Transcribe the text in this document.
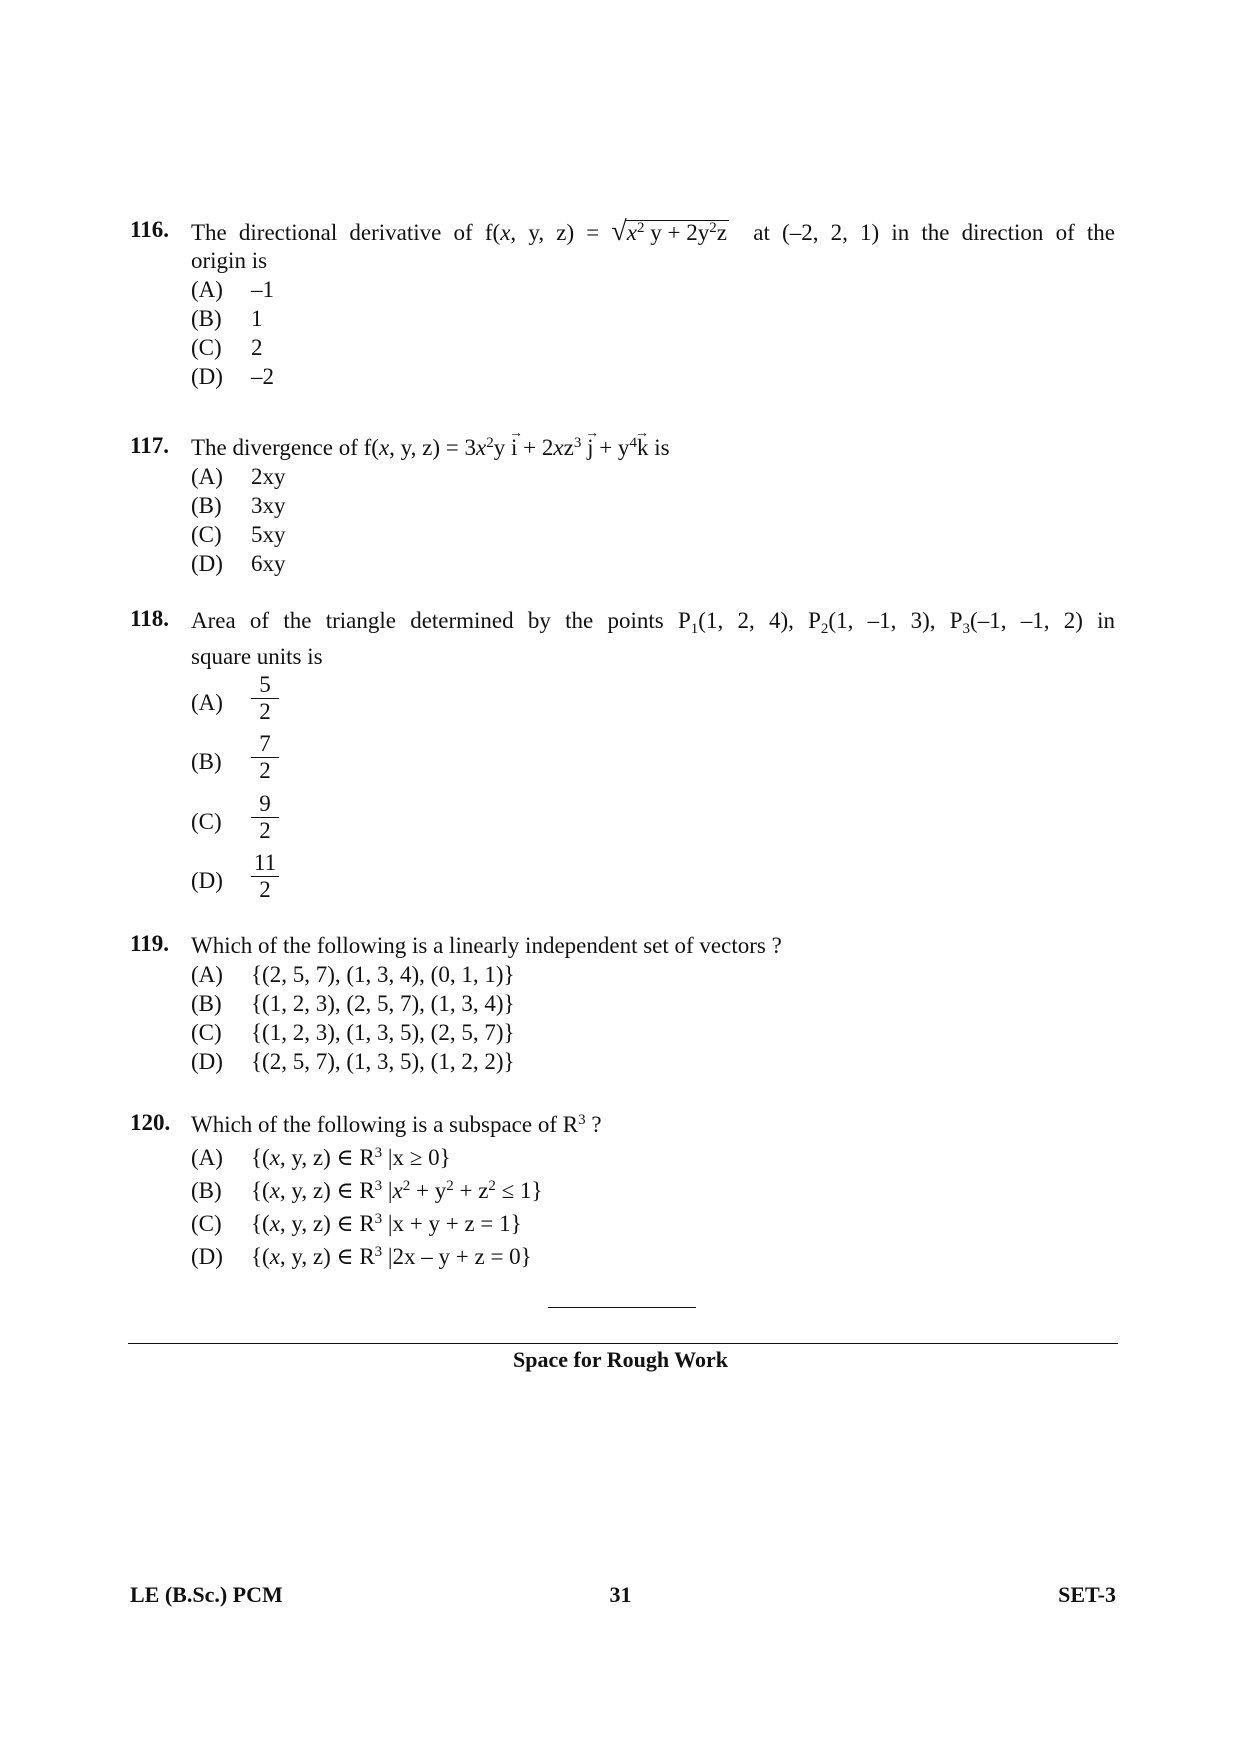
116. The directional derivative of f(x, y, $z) = √x^2$ $y + 2y^2z$ at (–2, 2, 1) in the direction of the
origin is
(A) –1
(B) 1
(C) 2
(D) –2
117. The divergence of f(x, y, $z) = 3x^2y \to i + 2xz^3 \to j + y^4\to k$ is
(A) 2xy
(B) 3xy
(C) 5xy
(D) 6xy
118. Area of the triangle determined by the points $P_1(1$, 2, 4), $P_2(1$, –1, 3), $P_3(-1$, –1, 2) in
square units is
$(A) \frac{5}{2}$
$(B) \frac{7}{2}$
$(C) \frac{9}{2}$
$(D) \frac{11}{2}$
119. Which of the following is a linearly independent set of vectors ?
(A) {(2, 5, 7), (1, 3, 4), (0, 1, 1)}
(B) {(1, 2, 3), (2, 5, 7), (1, 3, 4)}
(C) {(1, 2, 3), (1, 3, 5), (2, 5, 7)}
(D) {(2, 5, 7), (1, 3, 5), (1, 2, 2)}
120. Which of the following is a subspace of $R^3$ ?
(A) {(x, y, z) ∈ $R^3$ |x ≥ 0}
(B) {(x, y, z) ∈ $R^3$ $|x^2 + y^2 + z^2 \le 1$}
(C) {(x, y, z) ∈ $R^3$ |x + y + z = 1}
(D) {(x, y, z) ∈ $R^3$ |2x – y + z = 0}
Space for Rough Work
LE (B.Sc.) PCM	31	SET-3
